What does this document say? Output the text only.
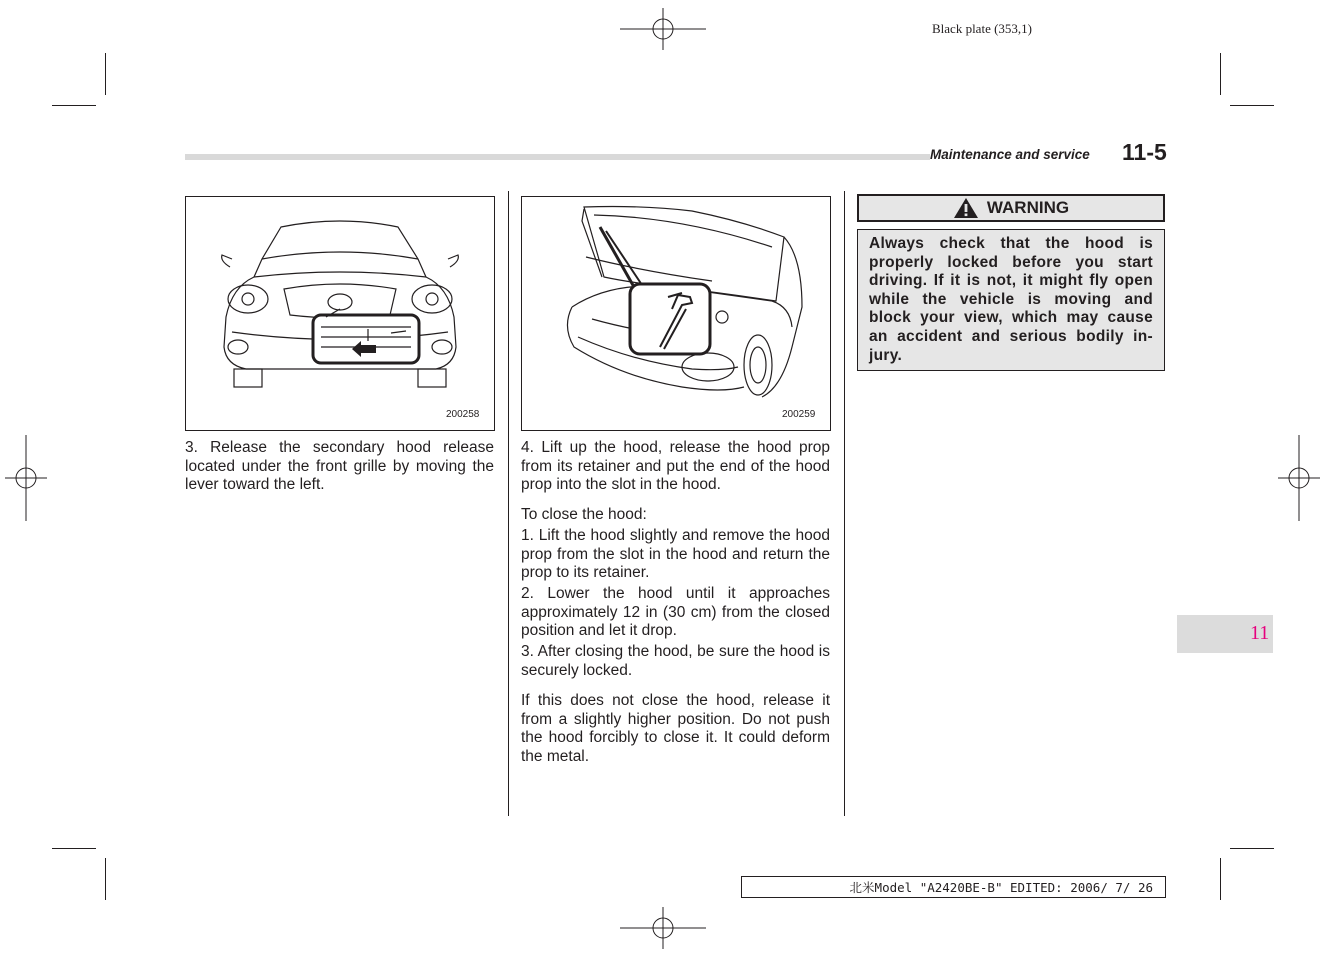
Black plate (353,1)
Maintenance and service 11-5
200258	200259
3. Release the secondary hood release located under the front grille by moving the lever toward the left.
4. Lift up the hood, release the hood prop from its retainer and put the end of the hood prop into the slot in the hood.
To close the hood:
1. Lift the hood slightly and remove the hood prop from the slot in the hood and return the prop to its retainer.
2. Lower the hood until it approaches approximately 12 in (30 cm) from the closed position and let it drop.
3. After closing the hood, be sure the hood is securely locked.
If this does not close the hood, release it from a slightly higher position. Do not push the hood forcibly to close it. It could deform the metal.
WARNING
Always check that the hood is properly locked before you start driving. If it is not, it might fly open while the vehicle is moving and block your view, which may cause an accident and serious bodily in-jury.
11
北米Model "A2420BE-B" EDITED: 2006/ 7/ 26
